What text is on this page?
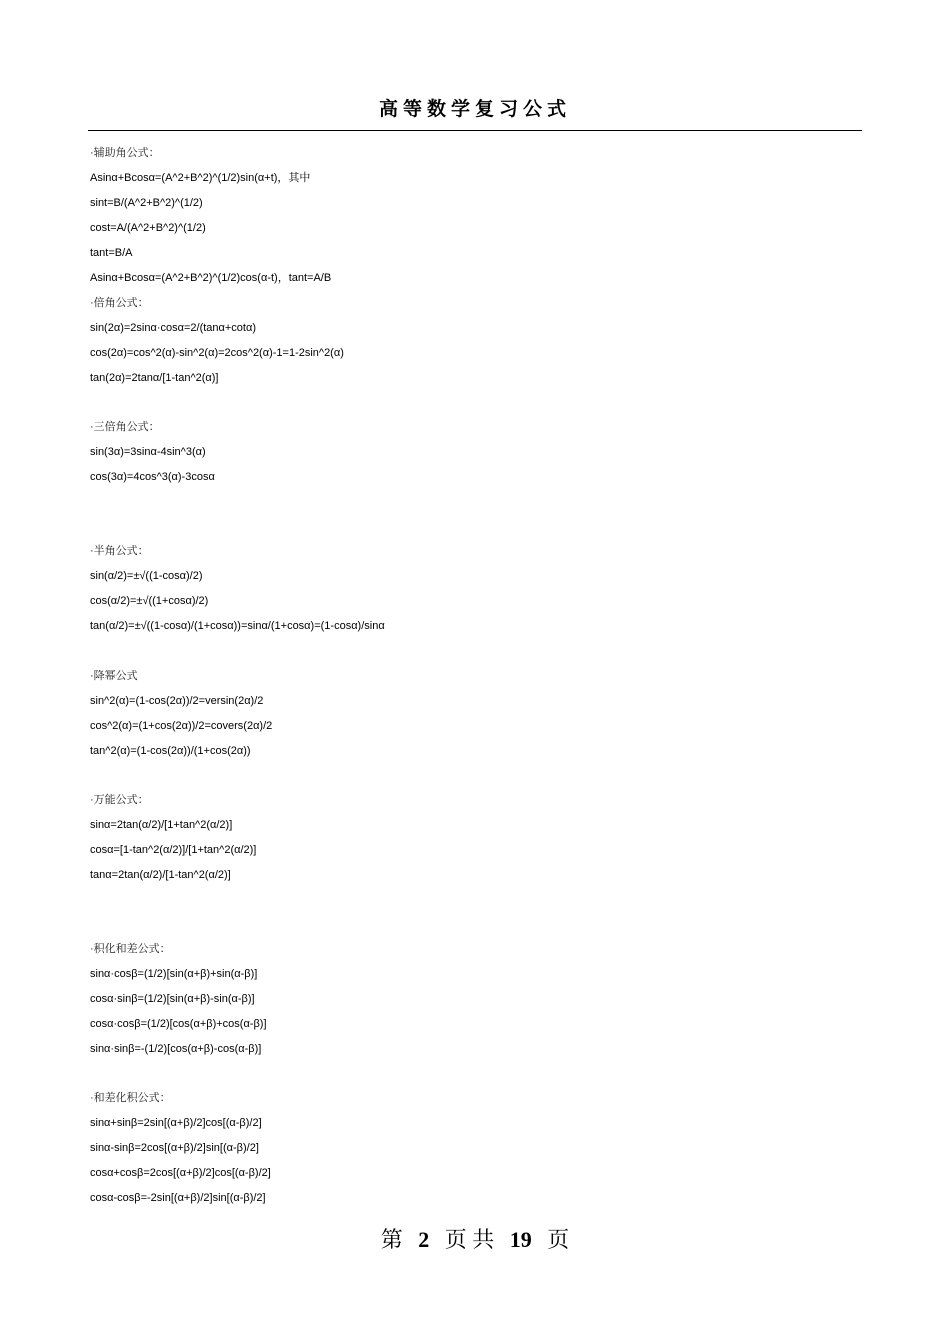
高等数学复习公式
·辅助角公式：
Asinα+Bcosα=(A^2+B^2)^(1/2)sin(α+t)，其中
sint=B/(A^2+B^2)^(1/2)
cost=A/(A^2+B^2)^(1/2)
tant=B/A
Asinα+Bcosα=(A^2+B^2)^(1/2)cos(α-t)，tant=A/B
·倍角公式：
sin(2α)=2sinα·cosα=2/(tanα+cotα)
cos(2α)=cos^2(α)-sin^2(α)=2cos^2(α)-1=1-2sin^2(α)
tan(2α)=2tanα/[1-tan^2(α)]
·三倍角公式：
sin(3α)=3sinα-4sin^3(α)
cos(3α)=4cos^3(α)-3cosα
·半角公式：
sin(α/2)=±√((1-cosα)/2)
cos(α/2)=±√((1+cosα)/2)
tan(α/2)=±√((1-cosα)/(1+cosα))=sinα/(1+cosα)=(1-cosα)/sinα
·降幂公式
sin^2(α)=(1-cos(2α))/2=versin(2α)/2
cos^2(α)=(1+cos(2α))/2=covers(2α)/2
tan^2(α)=(1-cos(2α))/(1+cos(2α))
·万能公式：
sinα=2tan(α/2)/[1+tan^2(α/2)]
cosα=[1-tan^2(α/2)]/[1+tan^2(α/2)]
tanα=2tan(α/2)/[1-tan^2(α/2)]
·积化和差公式：
sinα·cosβ=(1/2)[sin(α+β)+sin(α-β)]
cosα·sinβ=(1/2)[sin(α+β)-sin(α-β)]
cosα·cosβ=(1/2)[cos(α+β)+cos(α-β)]
sinα·sinβ=-(1/2)[cos(α+β)-cos(α-β)]
·和差化积公式：
sinα+sinβ=2sin[(α+β)/2]cos[(α-β)/2]
sinα-sinβ=2cos[(α+β)/2]sin[(α-β)/2]
cosα+cosβ=2cos[(α+β)/2]cos[(α-β)/2]
cosα-cosβ=-2sin[(α+β)/2]sin[(α-β)/2]
第 2 页 共 19 页
